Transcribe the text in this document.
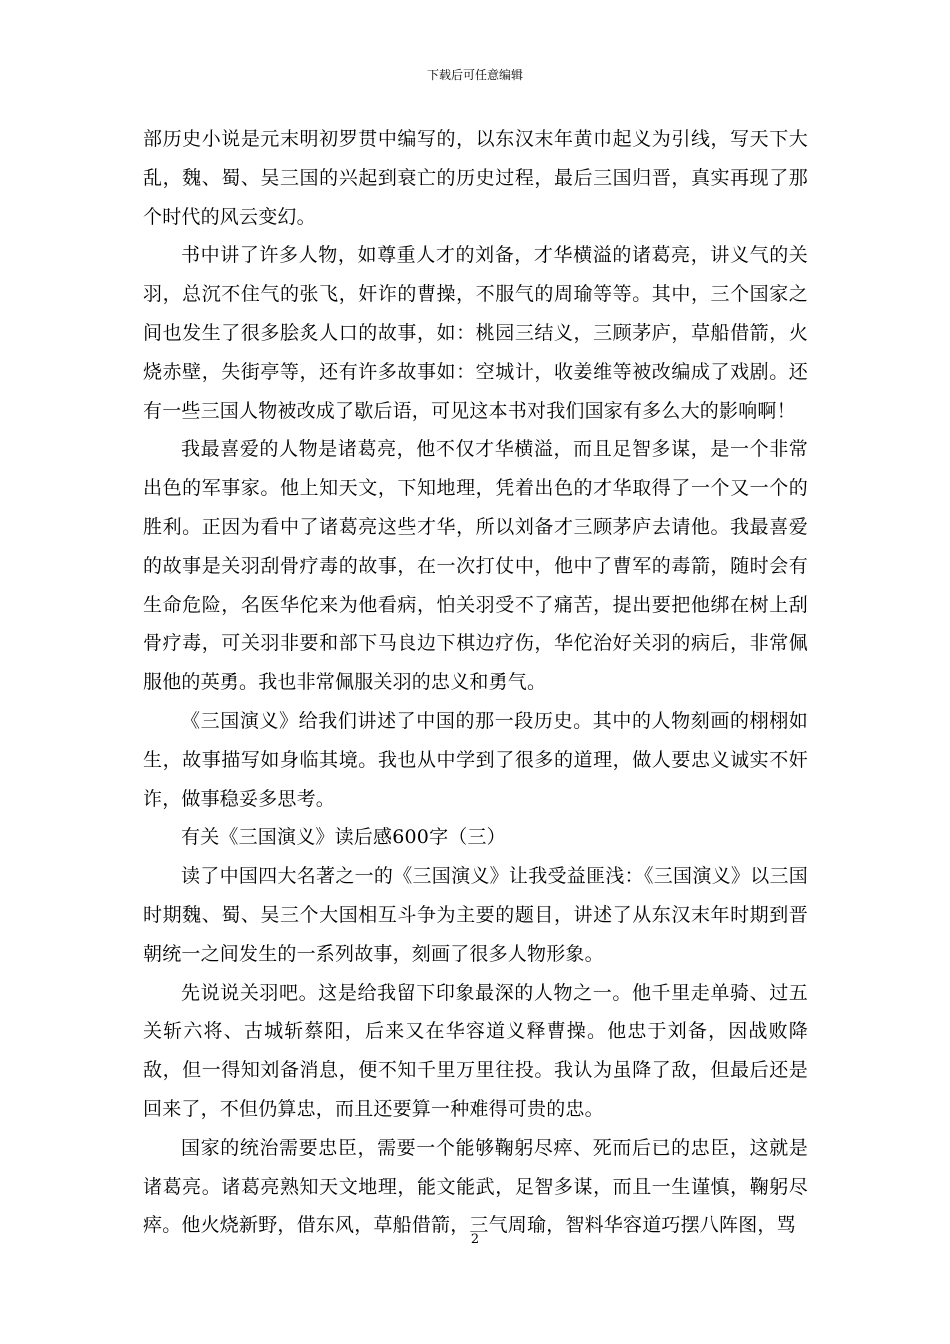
下载后可任意编辑

部历史小说是元末明初罗贯中编写的，以东汉末年黄巾起义为引线，写天下大乱，魏、蜀、吴三国的兴起到衰亡的历史过程，最后三国归晋，真实再现了那个时代的风云变幻。

书中讲了许多人物，如尊重人才的刘备，才华横溢的诸葛亮，讲义气的关羽，总沉不住气的张飞，奸诈的曹操，不服气的周瑜等等。其中，三个国家之间也发生了很多脍炙人口的故事，如：桃园三结义，三顾茅庐，草船借箭，火烧赤壁，失街亭等，还有许多故事如：空城计，收姜维等被改编成了戏剧。还有一些三国人物被改成了歇后语，可见这本书对我们国家有多么大的影响啊！

我最喜爱的人物是诸葛亮，他不仅才华横溢，而且足智多谋，是一个非常出色的军事家。他上知天文，下知地理，凭着出色的才华取得了一个又一个的胜利。正因为看中了诸葛亮这些才华，所以刘备才三顾茅庐去请他。我最喜爱的故事是关羽刮骨疗毒的故事，在一次打仗中，他中了曹军的毒箭，随时会有生命危险，名医华佗来为他看病，怕关羽受不了痛苦，提出要把他绑在树上刮骨疗毒，可关羽非要和部下马良边下棋边疗伤，华佗治好关羽的病后，非常佩服他的英勇。我也非常佩服关羽的忠义和勇气。

《三国演义》给我们讲述了中国的那一段历史。其中的人物刻画的栩栩如生，故事描写如身临其境。我也从中学到了很多的道理，做人要忠义诚实不奸诈，做事稳妥多思考。

有关《三国演义》读后感600字（三）

读了中国四大名著之一的《三国演义》让我受益匪浅：《三国演义》以三国时期魏、蜀、吴三个大国相互斗争为主要的题目，讲述了从东汉末年时期到晋朝统一之间发生的一系列故事，刻画了很多人物形象。

先说说关羽吧。这是给我留下印象最深的人物之一。他千里走单骑、过五关斩六将、古城斩蔡阳，后来又在华容道义释曹操。他忠于刘备，因战败降敌，但一得知刘备消息，便不知千里万里往投。我认为虽降了敌，但最后还是回来了，不但仍算忠，而且还要算一种难得可贵的忠。

国家的统治需要忠臣，需要一个能够鞠躬尽瘁、死而后已的忠臣，这就是诸葛亮。诸葛亮熟知天文地理，能文能武，足智多谋，而且一生谨慎，鞠躬尽瘁。他火烧新野，借东风，草船借箭，三气周瑜，智料华容道巧摆八阵图，骂

2
